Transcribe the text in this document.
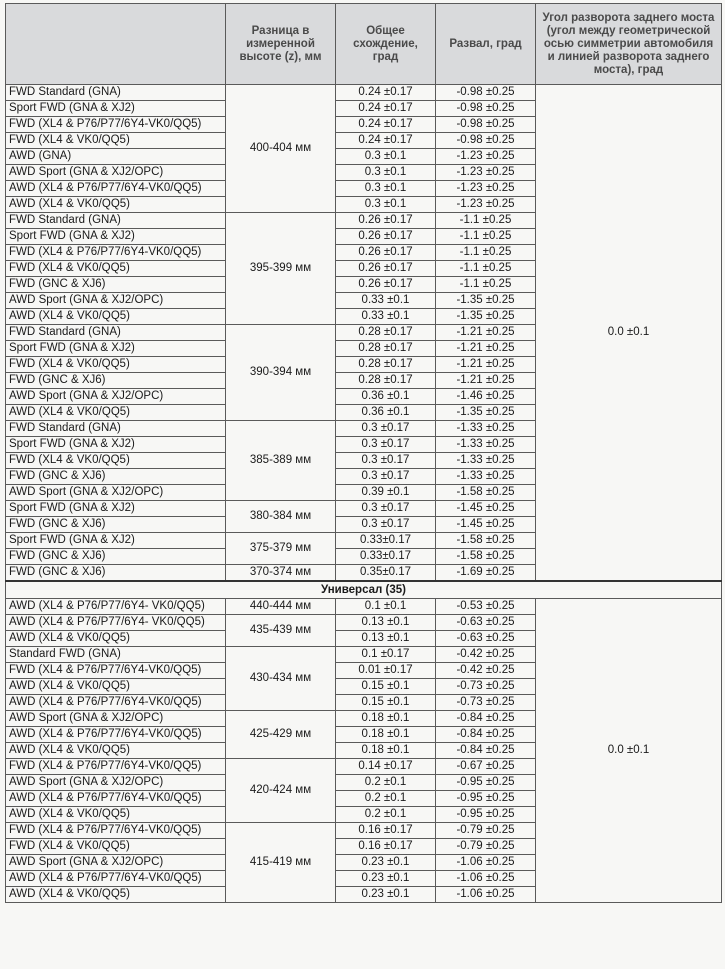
	Разница в измеренной высоте (z), мм	Общее схождение, град	Развал, град	Угол разворота заднего моста (угол между геометрической осью симметрии автомобиля и линией разворота заднего моста), град
FWD Standard (GNA)	400-404 мм	0.24 ±0.17	-0.98 ±0.25	0.0 ±0.1
Sport FWD (GNA & XJ2)		0.24 ±0.17	-0.98 ±0.25	
FWD (XL4 & P76/P77/6Y4-VK0/QQ5)		0.24 ±0.17	-0.98 ±0.25	
FWD (XL4 & VK0/QQ5)		0.24 ±0.17	-0.98 ±0.25	
AWD (GNA)		0.3 ±0.1	-1.23 ±0.25	
AWD Sport (GNA & XJ2/OPC)		0.3 ±0.1	-1.23 ±0.25	
AWD (XL4 & P76/P77/6Y4-VK0/QQ5)		0.3 ±0.1	-1.23 ±0.25	
AWD (XL4 & VK0/QQ5)		0.3 ±0.1	-1.23 ±0.25	
FWD Standard (GNA)	395-399 мм	0.26 ±0.17	-1.1 ±0.25	
Sport FWD (GNA & XJ2)		0.26 ±0.17	-1.1 ±0.25	
FWD (XL4 & P76/P77/6Y4-VK0/QQ5)		0.26 ±0.17	-1.1 ±0.25	
FWD (XL4 & VK0/QQ5)		0.26 ±0.17	-1.1 ±0.25	
FWD (GNC & XJ6)		0.26 ±0.17	-1.1 ±0.25	
AWD Sport (GNA & XJ2/OPC)		0.33 ±0.1	-1.35 ±0.25	
AWD (XL4 & VK0/QQ5)		0.33 ±0.1	-1.35 ±0.25	
FWD Standard (GNA)	390-394 мм	0.28 ±0.17	-1.21 ±0.25	
Sport FWD (GNA & XJ2)		0.28 ±0.17	-1.21 ±0.25	
FWD (XL4 & VK0/QQ5)		0.28 ±0.17	-1.21 ±0.25	
FWD (GNC & XJ6)		0.28 ±0.17	-1.21 ±0.25	
AWD Sport (GNA & XJ2/OPC)		0.36 ±0.1	-1.46 ±0.25	
AWD (XL4 & VK0/QQ5)		0.36 ±0.1	-1.35 ±0.25	
FWD Standard (GNA)	385-389 мм	0.3 ±0.17	-1.33 ±0.25	
Sport FWD (GNA & XJ2)		0.3 ±0.17	-1.33 ±0.25	
FWD (XL4 & VK0/QQ5)		0.3 ±0.17	-1.33 ±0.25	
FWD (GNC & XJ6)		0.3 ±0.17	-1.33 ±0.25	
AWD Sport (GNA & XJ2/OPC)		0.39 ±0.1	-1.58 ±0.25	
Sport FWD (GNA & XJ2)	380-384 мм	0.3 ±0.17	-1.45 ±0.25	
FWD (GNC & XJ6)		0.3 ±0.17	-1.45 ±0.25	
Sport FWD (GNA & XJ2)	375-379 мм	0.33±0.17	-1.58 ±0.25	
FWD (GNC & XJ6)		0.33±0.17	-1.58 ±0.25	
FWD (GNC & XJ6)	370-374 мм	0.35±0.17	-1.69 ±0.25	
Универсал (35)				
AWD (XL4 & P76/P77/6Y4- VK0/QQ5)	440-444 мм	0.1 ±0.1	-0.53 ±0.25	0.0 ±0.1
AWD (XL4 & P76/P77/6Y4- VK0/QQ5)	435-439 мм	0.13 ±0.1	-0.63 ±0.25	
AWD (XL4 & VK0/QQ5)		0.13 ±0.1	-0.63 ±0.25	
Standard FWD (GNA)	430-434 мм	0.1 ±0.17	-0.42 ±0.25	
FWD (XL4 & P76/P77/6Y4-VK0/QQ5)		0.01 ±0.17	-0.42 ±0.25	
AWD (XL4 & VK0/QQ5)		0.15 ±0.1	-0.73 ±0.25	
AWD (XL4 & P76/P77/6Y4-VK0/QQ5)		0.15 ±0.1	-0.73 ±0.25	
AWD Sport (GNA & XJ2/OPC)	425-429 мм	0.18 ±0.1	-0.84 ±0.25	
AWD (XL4 & P76/P77/6Y4-VK0/QQ5)		0.18 ±0.1	-0.84 ±0.25	
AWD (XL4 & VK0/QQ5)		0.18 ±0.1	-0.84 ±0.25	
FWD (XL4 & P76/P77/6Y4-VK0/QQ5)	420-424 мм	0.14 ±0.17	-0.67 ±0.25	
AWD Sport (GNA & XJ2/OPC)		0.2 ±0.1	-0.95 ±0.25	
AWD (XL4 & P76/P77/6Y4-VK0/QQ5)		0.2 ±0.1	-0.95 ±0.25	
AWD (XL4 & VK0/QQ5)		0.2 ±0.1	-0.95 ±0.25	
FWD (XL4 & P76/P77/6Y4-VK0/QQ5)	415-419 мм	0.16 ±0.17	-0.79 ±0.25	
FWD (XL4 & VK0/QQ5)		0.16 ±0.17	-0.79 ±0.25	
AWD Sport (GNA & XJ2/OPC)		0.23 ±0.1	-1.06 ±0.25	
AWD (XL4 & P76/P77/6Y4-VK0/QQ5)		0.23 ±0.1	-1.06 ±0.25	
AWD (XL4 & VK0/QQ5)		0.23 ±0.1	-1.06 ±0.25	
